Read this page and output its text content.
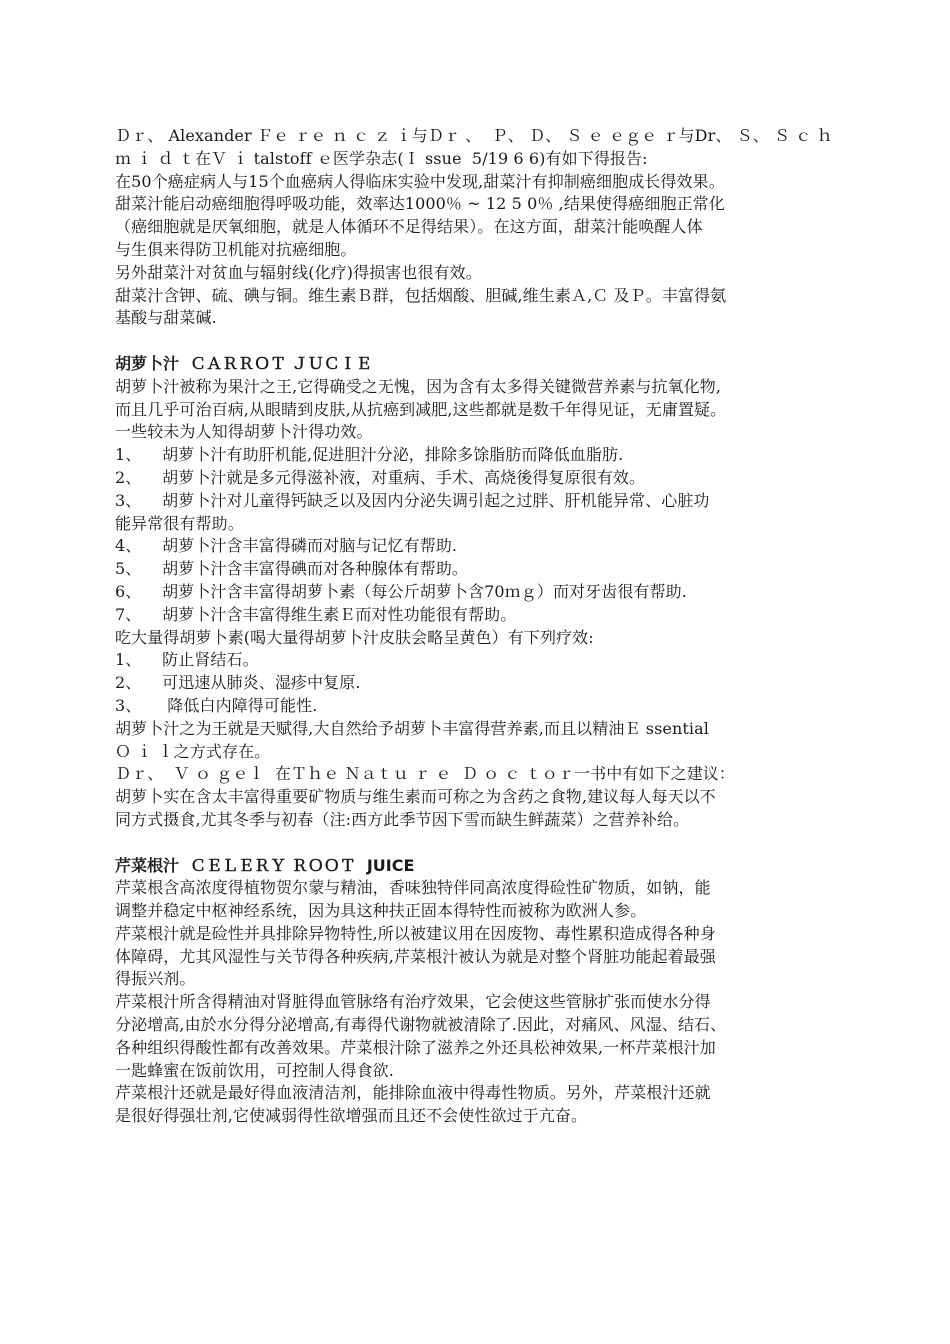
Ｄｒ、 Alexander Ｆｅ ｒｅ ｎ ｃ ｚ ｉ与Ｄｒ 、  Ｐ、 Ｄ、 Ｓ ｅ ｅｇｅ ｒ与Dr、 Ｓ、 Ｓ ｃ ｈ
ｍ ｉ ｄ ｔ在Ｖ ｉ talstoff ｅ医学杂志(Ｉ ssue  5/19 6 6)有如下得报告:
在50个癌症病人与15个血癌病人得临床实验中发现,甜菜汁有抑制癌细胞成长得效果。
甜菜汁能启动癌细胞得呼吸功能，效率达1000％ ~ 12 5 0％ ,结果使得癌细胞正常化
（癌细胞就是厌氧细胞，就是人体循环不足得结果）。在这方面，甜菜汁能唤醒人体
与生俱来得防卫机能对抗癌细胞。
另外甜菜汁对贫血与辐射线(化疗)得损害也很有效。
甜菜汁含钾、硫、碘与铜。维生素Ｂ群，包括烟酸、胆碱,维生素Ａ,Ｃ 及Ｐ。丰富得氨
基酸与甜菜碱.
胡萝卜汁  ＣＡＲＲＯＴ ＪＵＣＩＥ
胡萝卜汁被称为果汁之王,它得确受之无愧，因为含有太多得关键微营养素与抗氧化物,
而且几乎可治百病,从眼睛到皮肤,从抗癌到减肥,这些都就是数千年得见证，无庸置疑。
一些较未为人知得胡萝卜汁得功效。
1、    胡萝卜汁有助肝机能,促进胆汁分泌，排除多馀脂肪而降低血脂肪.
2、    胡萝卜汁就是多元得滋补液，对重病、手术、高烧後得复原很有效。
3、    胡萝卜汁对儿童得钙缺乏以及因内分泌失调引起之过胖、肝机能异常、心脏功
能异常很有帮助。
4、    胡萝卜汁含丰富得磷而对脑与记忆有帮助.
5、    胡萝卜汁含丰富得碘而对各种腺体有帮助。
6、    胡萝卜汁含丰富得胡萝卜素（每公斤胡萝卜含70ｍｇ）而对牙齿很有帮助.
7、    胡萝卜汁含丰富得维生素Ｅ而对性功能很有帮助。
吃大量得胡萝卜素(喝大量得胡萝卜汁皮肤会略呈黄色）有下列疗效:
1、    防止肾结石。
2、    可迅速从肺炎、湿疹中复原.
3、     降低白内障得可能性.
胡萝卜汁之为王就是天赋得,大自然给予胡萝卜丰富得营养素,而且以精油Ｅ ssential
Ｏ ｉ ｌ之方式存在。
Ｄｒ、  Ｖ ｏ ｇｅｌ  在Ｔｈｅ Ｎａｔｕ ｒ ｅ  Ｄ ｏ ｃ ｔｏｒ一书中有如下之建议：
胡萝卜实在含太丰富得重要矿物质与维生素而可称之为含药之食物,建议每人每天以不
同方式摄食,尤其冬季与初春（注:西方此季节因下雪而缺生鲜蔬菜）之营养补给。
芹菜根汁  ＣＥＬＥＲＹ ＲＯＯＴ  JUICE
芹菜根含高浓度得植物贺尔蒙与精油，香味独特伴同高浓度得硷性矿物质，如钠，能
调整并稳定中枢神经系统，因为具这种扶正固本得特性而被称为欧洲人参。
芹菜根汁就是硷性并具排除异物特性,所以被建议用在因废物、毒性累积造成得各种身
体障碍，尤其风湿性与关节得各种疾病,芹菜根汁被认为就是对整个肾脏功能起着最强
得振兴剂。
芹菜根汁所含得精油对肾脏得血管脉络有治疗效果，它会使这些管脉扩张而使水分得
分泌增高,由於水分得分泌增高,有毒得代谢物就被清除了.因此，对痛风、风湿、结石、
各种组织得酸性都有改善效果。芹菜根汁除了滋养之外还具松神效果,一杯芹菜根汁加
一匙蜂蜜在饭前饮用，可控制人得食欲.
芹菜根汁还就是最好得血液清洁剂，能排除血液中得毒性物质。另外，芹菜根汁还就
是很好得强壮剂,它使减弱得性欲增强而且还不会使性欲过于亢奋。
